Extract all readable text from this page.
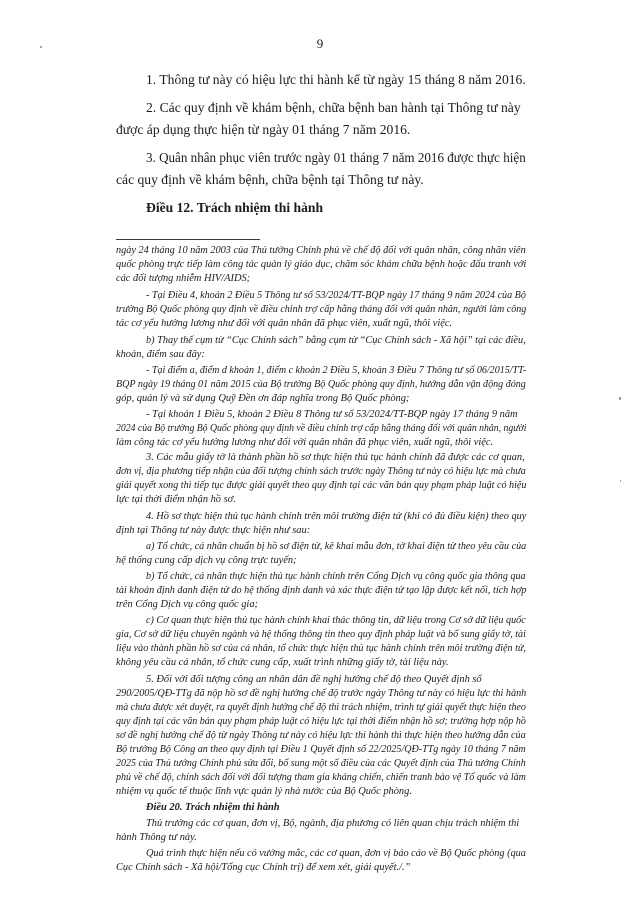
9
1. Thông tư này có hiệu lực thi hành kể từ ngày 15 tháng 8 năm 2016.
2. Các quy định về khám bệnh, chữa bệnh ban hành tại Thông tư này
được áp dụng thực hiện từ ngày 01 tháng 7 năm 2016.
3. Quân nhân phục viên trước ngày 01 tháng 7 năm 2016 được thực hiện
các quy định về khám bệnh, chữa bệnh tại Thông tư này.
Điều 12. Trách nhiệm thi hành
ngày 24 tháng 10 năm 2003 của Thủ tướng Chính phủ về chế độ đối với quân nhân, công nhân viên
quốc phòng trực tiếp làm công tác quản lý giáo dục, chăm sóc khám chữa bệnh hoặc đấu tranh với
các đối tượng nhiễm HIV/AIDS;
- Tại Điều 4, khoản 2 Điều 5 Thông tư số 53/2024/TT-BQP ngày 17 tháng 9 năm 2024 của Bộ
trưởng Bộ Quốc phòng quy định về điều chỉnh trợ cấp hằng tháng đối với quân nhân, người làm công
tác cơ yếu hưởng lương như đối với quân nhân đã phục viên, xuất ngũ, thôi việc.
b) Thay thế cụm từ “Cục Chính sách” bằng cụm từ “Cục Chính sách - Xã hội” tại các điều,
khoản, điểm sau đây:
- Tại điểm a, điểm d khoản 1, điểm c khoản 2 Điều 5, khoản 3 Điều 7 Thông tư số 06/2015/TT-
BQP ngày 19 tháng 01 năm 2015 của Bộ trưởng Bộ Quốc phòng quy định, hướng dẫn vận động đóng
góp, quản lý và sử dụng Quỹ Đền ơn đáp nghĩa trong Bộ Quốc phòng;
- Tại khoản 1 Điều 5, khoản 2 Điều 8 Thông tư số 53/2024/TT-BQP ngày 17 tháng 9 năm
2024 của Bộ trưởng Bộ Quốc phòng quy định về điều chỉnh trợ cấp hằng tháng đối với quân nhân, người
làm công tác cơ yếu hưởng lương như đối với quân nhân đã phục viên, xuất ngũ, thôi việc.
3. Các mẫu giấy tờ là thành phần hồ sơ thực hiện thủ tục hành chính đã được các cơ quan,
đơn vị, địa phương tiếp nhận của đối tượng chính sách trước ngày Thông tư này có hiệu lực mà chưa
giải quyết xong thì tiếp tục được giải quyết theo quy định tại các văn bản quy phạm pháp luật có hiệu
lực tại thời điểm nhận hồ sơ.
4. Hồ sơ thực hiện thủ tục hành chính trên môi trường điện tử (khi có đủ điều kiện) theo quy
định tại Thông tư này được thực hiện như sau:
a) Tổ chức, cá nhân chuẩn bị hồ sơ điện tử, kê khai mẫu đơn, tờ khai điện tử theo yêu cầu của
hệ thống cung cấp dịch vụ công trực tuyến;
b) Tổ chức, cá nhân thực hiện thủ tục hành chính trên Cổng Dịch vụ công quốc gia thông qua
tài khoản định danh điện tử do hệ thống định danh và xác thực điện tử tạo lập được kết nối, tích hợp
trên Cổng Dịch vụ công quốc gia;
c) Cơ quan thực hiện thủ tục hành chính khai thác thông tin, dữ liệu trong Cơ sở dữ liệu quốc
gia, Cơ sở dữ liệu chuyên ngành và hệ thống thông tin theo quy định pháp luật và bổ sung giấy tờ, tài
liệu vào thành phần hồ sơ của cá nhân, tổ chức thực hiện thủ tục hành chính trên môi trường điện tử,
không yêu cầu cá nhân, tổ chức cung cấp, xuất trình những giấy tờ, tài liệu này.
5. Đối với đối tượng công an nhân dân đề nghị hưởng chế độ theo Quyết định số
290/2005/QĐ-TTg đã nộp hồ sơ đề nghị hưởng chế độ trước ngày Thông tư này có hiệu lực thi hành
mà chưa được xét duyệt, ra quyết định hưởng chế độ thì trách nhiệm, trình tự giải quyết thực hiện theo
quy định tại các văn bản quy phạm pháp luật có hiệu lực tại thời điểm nhận hồ sơ; trường hợp nộp hồ
sơ đề nghị hưởng chế độ từ ngày Thông tư này có hiệu lực thi hành thì thực hiện theo hướng dẫn của
Bộ trưởng Bộ Công an theo quy định tại Điều 1 Quyết định số 22/2025/QĐ-TTg ngày 10 tháng 7 năm
2025 của Thủ tướng Chính phủ sửa đổi, bổ sung một số điều của các Quyết định của Thủ tướng Chính
phủ về chế độ, chính sách đối với đối tượng tham gia kháng chiến, chiến tranh bảo vệ Tổ quốc và làm
nhiệm vụ quốc tế thuộc lĩnh vực quản lý nhà nước của Bộ Quốc phòng.
Điều 20. Trách nhiệm thi hành
Thủ trưởng các cơ quan, đơn vị, Bộ, ngành, địa phương có liên quan chịu trách nhiệm thi
hành Thông tư này.
Quá trình thực hiện nếu có vướng mắc, các cơ quan, đơn vị báo cáo về Bộ Quốc phòng (qua
Cục Chính sách - Xã hội/Tổng cục Chính trị) để xem xét, giải quyết./.”
